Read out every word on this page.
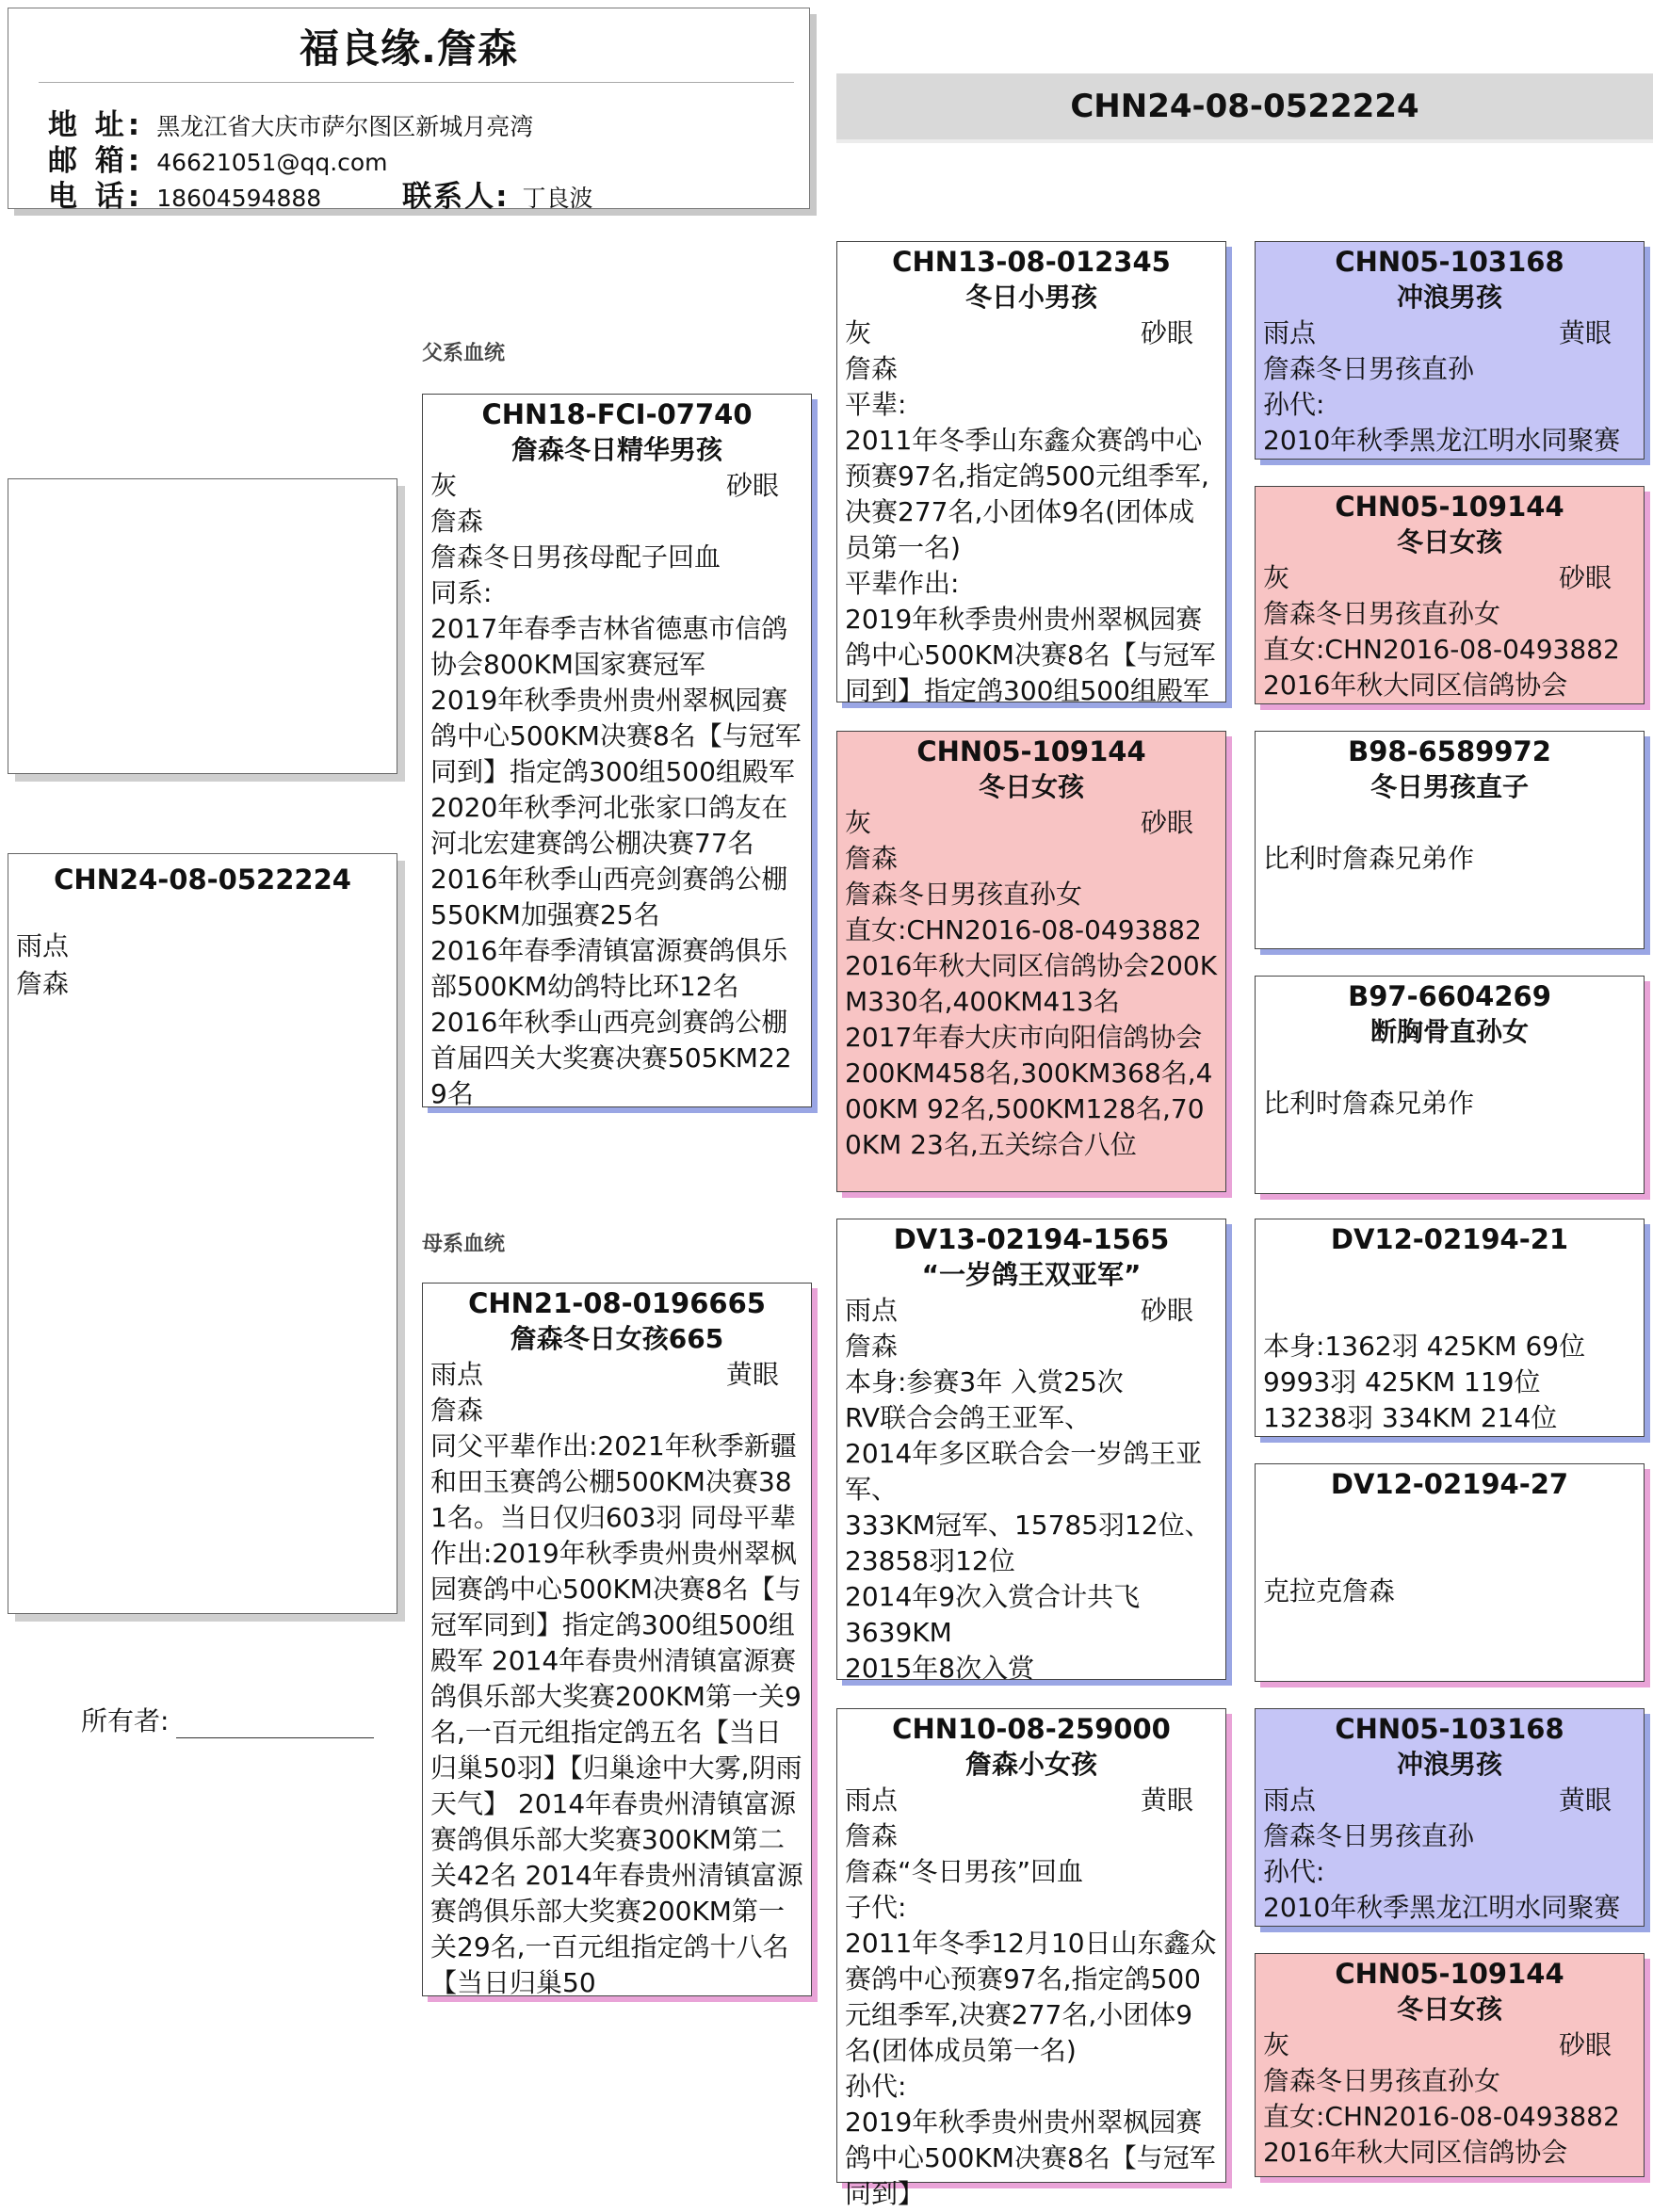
福良缘.詹森
地 址: 黑龙江省大庆市萨尔图区新城月亮湾
邮 箱: 46621051@qq.com
电 话: 18604594888	联系人: 丁良波
CHN24-08-0522224
CHN24-08-0522224
雨点
詹森
所有者:
父系血统
母系血统
CHN18-FCI-07740
詹森冬日精华男孩
灰	砂眼
詹森
詹森冬日男孩母配子回血
同系:
2017年春季吉林省德惠市信鸽协会800KM国家赛冠军
2019年秋季贵州贵州翠枫园赛鸽中心500KM决赛8名【与冠军同到】指定鸽300组500组殿军
2020年秋季河北张家口鸽友在河北宏建赛鸽公棚决赛77名
2016年秋季山西亮剑赛鸽公棚550KM加强赛25名
2016年春季清镇富源赛鸽俱乐部500KM幼鸽特比环12名
2016年秋季山西亮剑赛鸽公棚首届四关大奖赛决赛505KM229名
CHN21-08-0196665
詹森冬日女孩665
雨点	黄眼
詹森
同父平辈作出:2021年秋季新疆和田玉赛鸽公棚500KM决赛381名。当日仅归603羽 同母平辈作出:2019年秋季贵州贵州翠枫园赛鸽中心500KM决赛8名【与冠军同到】指定鸽300组500组殿军 2014年春贵州清镇富源赛鸽俱乐部大奖赛200KM第一关9名,一百元组指定鸽五名【当日归巢50羽】【归巢途中大雾,阴雨天气】 2014年春贵州清镇富源赛鸽俱乐部大奖赛300KM第二关42名 2014年春贵州清镇富源赛鸽俱乐部大奖赛200KM第一关29名,一百元组指定鸽十八名【当日归巢50
CHN13-08-012345
冬日小男孩
灰	砂眼
詹森
平辈:
2011年冬季山东鑫众赛鸽中心预赛97名,指定鸽500元组季军,决赛277名,小团体9名(团体成员第一名)
平辈作出:
2019年秋季贵州贵州翠枫园赛鸽中心500KM决赛8名【与冠军同到】指定鸽300组500组殿军
CHN05-109144
冬日女孩
灰	砂眼
詹森
詹森冬日男孩直孙女
直女:CHN2016-08-0493882
2016年秋大同区信鸽协会200KM330名,400KM413名
2017年春大庆市向阳信鸽协会200KM458名,300KM368名,400KM 92名,500KM128名,700KM 23名,五关综合八位
DV13-02194-1565
“一岁鸽王双亚军”
雨点	砂眼
詹森
本身:参赛3年 入赏25次
RV联合会鸽王亚军、
2014年多区联合会一岁鸽王亚军、
333KM冠军、15785羽12位、
23858羽12位
2014年9次入赏合计共飞
3639KM
2015年8次入赏
CHN10-08-259000
詹森小女孩
雨点	黄眼
詹森
詹森“冬日男孩”回血
子代:
2011年冬季12月10日山东鑫众赛鸽中心预赛97名,指定鸽500元组季军,决赛277名,小团体9名(团体成员第一名)
孙代:
2019年秋季贵州贵州翠枫园赛鸽中心500KM决赛8名【与冠军同到】
CHN05-103168
冲浪男孩
雨点	黄眼
詹森冬日男孩直孙
孙代:
2010年秋季黑龙江明水同聚赛
CHN05-109144
冬日女孩
灰	砂眼
詹森冬日男孩直孙女
直女:CHN2016-08-0493882
2016年秋大同区信鸽协会
B98-6589972
冬日男孩直子
比利时詹森兄弟作
B97-6604269
断胸骨直孙女
比利时詹森兄弟作
DV12-02194-21
本身:1362羽 425KM 69位
9993羽 425KM 119位
13238羽 334KM 214位
DV12-02194-27
克拉克詹森
CHN05-103168
冲浪男孩
雨点	黄眼
詹森冬日男孩直孙
孙代:
2010年秋季黑龙江明水同聚赛
CHN05-109144
冬日女孩
灰	砂眼
詹森冬日男孩直孙女
直女:CHN2016-08-0493882
2016年秋大同区信鸽协会
